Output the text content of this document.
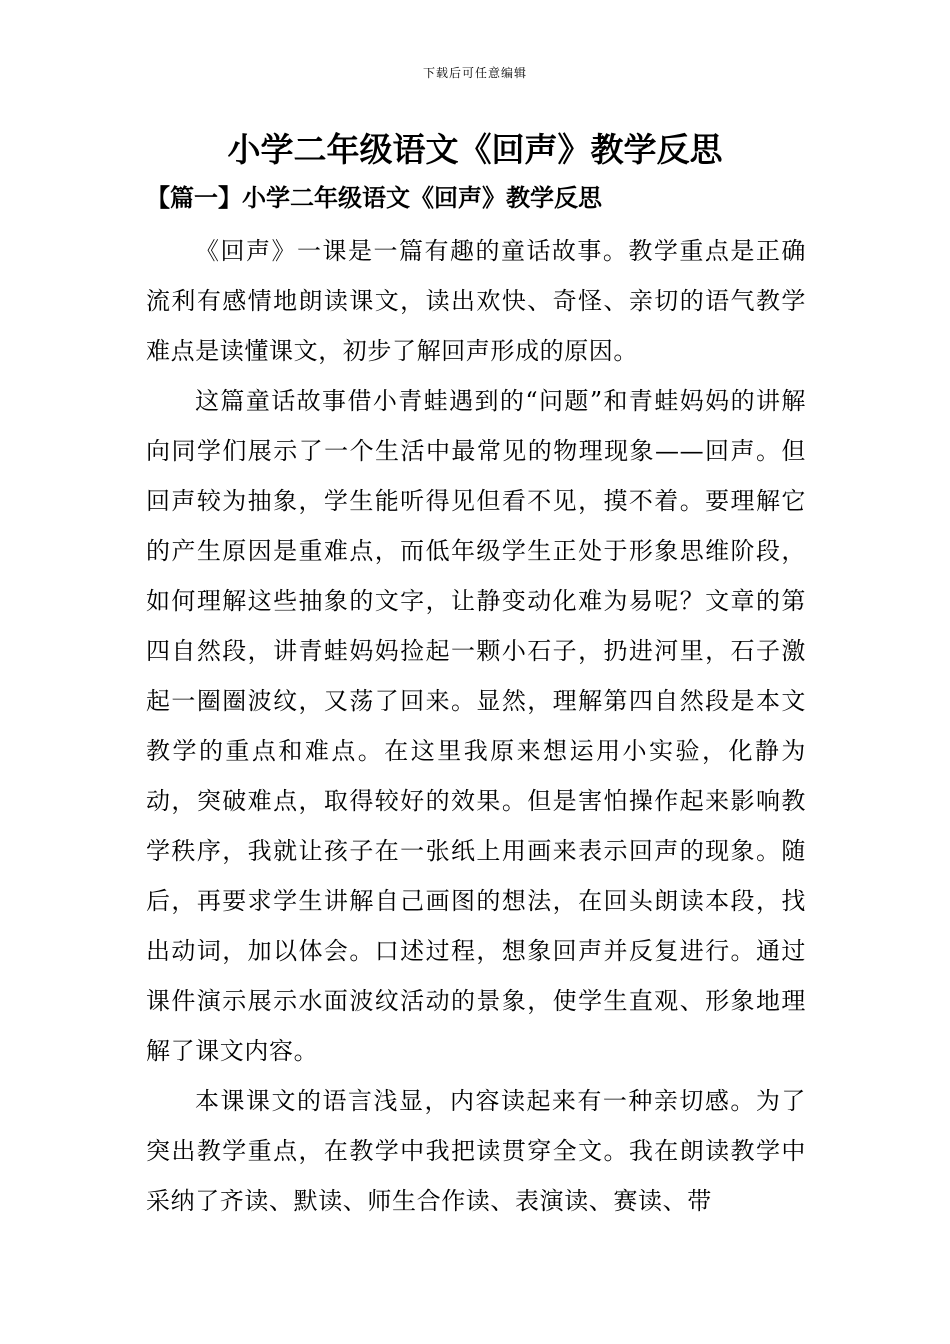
下载后可任意编辑
小学二年级语文《回声》教学反思
【篇一】小学二年级语文《回声》教学反思

《回声》一课是一篇有趣的童话故事。教学重点是正确流利有感情地朗读课文，读出欢快、奇怪、亲切的语气教学难点是读懂课文，初步了解回声形成的原因。

这篇童话故事借小青蛙遇到的“问题”和青蛙妈妈的讲解向同学们展示了一个生活中最常见的物理现象——回声。但回声较为抽象，学生能听得见但看不见，摸不着。要理解它的产生原因是重难点，而低年级学生正处于形象思维阶段，如何理解这些抽象的文字，让静变动化难为易呢？文章的第四自然段，讲青蛙妈妈捡起一颗小石子，扔进河里，石子激起一圈圈波纹，又荡了回来。显然，理解第四自然段是本文教学的重点和难点。在这里我原来想运用小实验，化静为动，突破难点，取得较好的效果。但是害怕操作起来影响教学秩序，我就让孩子在一张纸上用画来表示回声的现象。随后，再要求学生讲解自己画图的想法，在回头朗读本段，找出动词，加以体会。口述过程，想象回声并反复进行。通过课件演示展示水面波纹活动的景象，使学生直观、形象地理解了课文内容。

本课课文的语言浅显，内容读起来有一种亲切感。为了突出教学重点，在教学中我把读贯穿全文。我在朗读教学中采纳了齐读、默读、师生合作读、表演读、赛读、带
